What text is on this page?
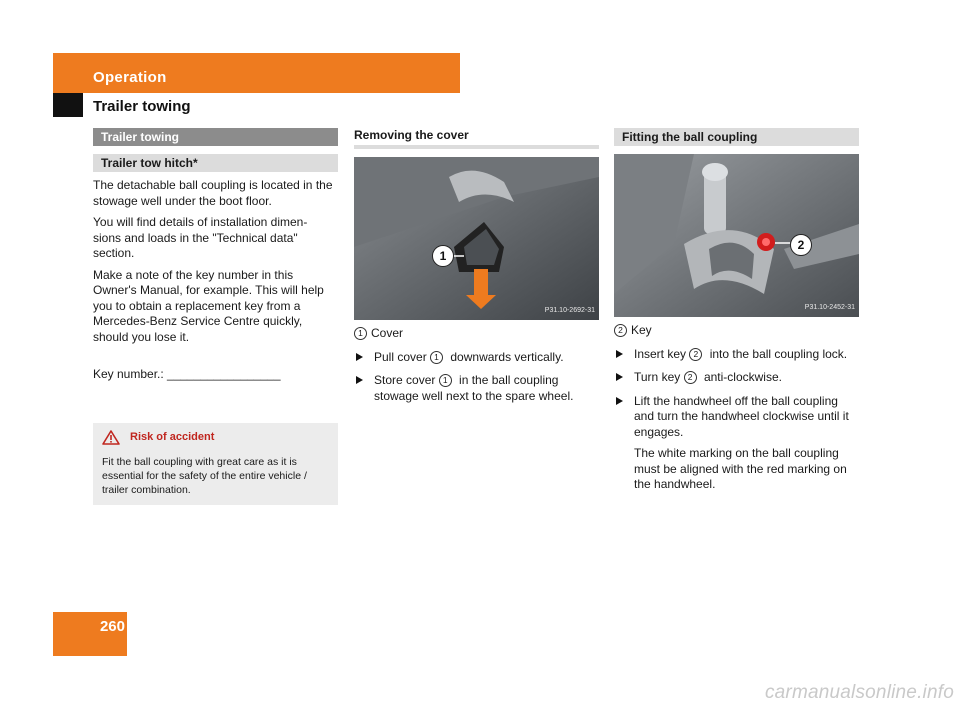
Operation
Trailer towing
Trailer towing
Trailer tow hitch*

The detachable ball coupling is located in the stowage well under the boot floor.

You will find details of installation dimen- sions and loads in the "Technical data" section.

Make a note of the key number in this Owner's Manual, for example. This will help you to obtain a replacement key from a Mercedes-Benz Service Centre quickly, should you lose it.

Key number.: _________________

Risk of accident
Fit the ball coupling with great care as it is essential for the safety of the entire vehicle / trailer combination.
Removing the cover
1
P31.10-2692-31
1 Cover
Pull cover 1 downwards vertically.
Store cover 1 in the ball coupling stowage well next to the spare wheel.
Fitting the ball coupling
2
P31.10-2452-31
2 Key
Insert key 2 into the ball coupling lock.
Turn key 2 anti-clockwise.
Lift the handwheel off the ball coupling and turn the handwheel clockwise until it engages.
The white marking on the ball coupling must be aligned with the red marking on the handwheel.
260
carmanualsonline.info
